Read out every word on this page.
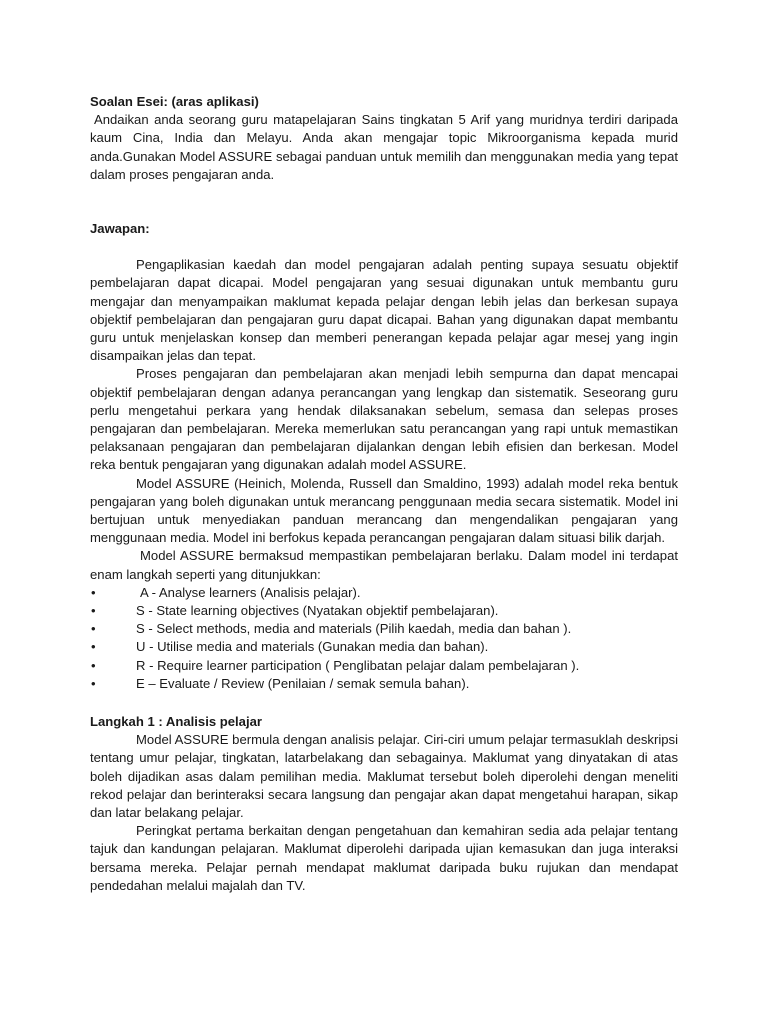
Soalan Esei: (aras aplikasi)

Andaikan anda seorang guru matapelajaran Sains tingkatan 5 Arif yang muridnya terdiri daripada kaum Cina, India dan Melayu. Anda akan mengajar topic Mikroorganisma kepada murid anda.Gunakan Model ASSURE sebagai panduan untuk memilih dan menggunakan media yang tepat dalam proses pengajaran anda.

Jawapan:

Pengaplikasian kaedah dan model pengajaran adalah penting supaya sesuatu objektif pembelajaran dapat dicapai. Model pengajaran yang sesuai digunakan untuk membantu guru mengajar dan menyampaikan maklumat kepada pelajar dengan lebih jelas dan berkesan supaya objektif pembelajaran dan pengajaran guru dapat dicapai. Bahan yang digunakan dapat membantu guru untuk menjelaskan konsep dan memberi penerangan kepada pelajar agar mesej yang ingin disampaikan jelas dan tepat.

Proses pengajaran dan pembelajaran akan menjadi lebih sempurna dan dapat mencapai objektif pembelajaran dengan adanya perancangan yang lengkap dan sistematik. Seseorang guru perlu mengetahui perkara yang hendak dilaksanakan sebelum, semasa dan selepas proses pengajaran dan pembelajaran. Mereka memerlukan satu perancangan yang rapi untuk memastikan pelaksanaan pengajaran dan pembelajaran dijalankan dengan lebih efisien dan berkesan. Model reka bentuk pengajaran yang digunakan adalah model ASSURE.

Model ASSURE (Heinich, Molenda, Russell dan Smaldino, 1993) adalah model reka bentuk pengajaran yang boleh digunakan untuk merancang penggunaan media secara sistematik. Model ini bertujuan untuk menyediakan panduan merancang dan mengendalikan pengajaran yang menggunaan media. Model ini berfokus kepada perancangan pengajaran dalam situasi bilik darjah.

Model ASSURE bermaksud mempastikan pembelajaran berlaku. Dalam model ini terdapat enam langkah seperti yang ditunjukkan:

•	A - Analyse learners (Analisis pelajar).
•	S - State learning objectives (Nyatakan objektif pembelajaran).
•	S - Select methods, media and materials (Pilih kaedah, media dan bahan ).
•	U - Utilise media and materials (Gunakan media dan bahan).
•	R - Require learner participation ( Penglibatan pelajar dalam pembelajaran ).
•	E – Evaluate / Review (Penilaian / semak semula bahan).

Langkah 1 : Analisis pelajar

Model ASSURE bermula dengan analisis pelajar. Ciri-ciri umum pelajar termasuklah deskripsi tentang umur pelajar, tingkatan, latarbelakang dan sebagainya. Maklumat yang dinyatakan di atas boleh dijadikan asas dalam pemilihan media. Maklumat tersebut boleh diperolehi dengan meneliti rekod pelajar dan berinteraksi secara langsung dan pengajar akan dapat mengetahui harapan, sikap dan latar belakang pelajar.

Peringkat pertama berkaitan dengan pengetahuan dan kemahiran sedia ada pelajar tentang tajuk dan kandungan pelajaran. Maklumat diperolehi daripada ujian kemasukan dan juga interaksi bersama mereka. Pelajar pernah mendapat maklumat daripada buku rujukan dan mendapat pendedahan melalui majalah dan TV.
